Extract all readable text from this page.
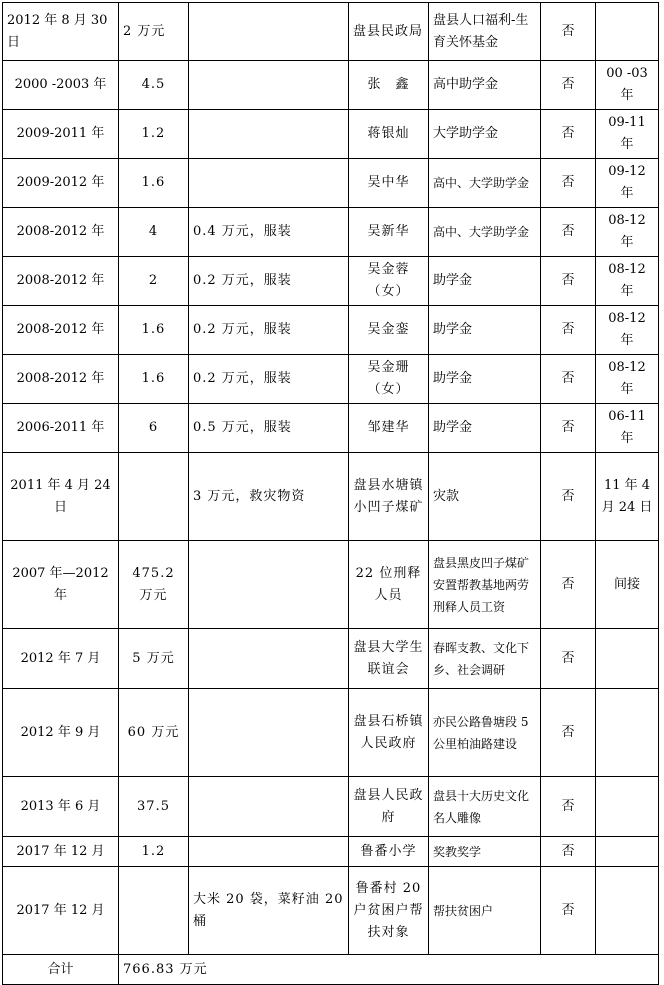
2012 年 8 月 30 日	2 万元		盘县民政局	盘县人口福利-生育关怀基金	否	
2000 -2003 年	4.5		张　鑫	高中助学金	否	00 -03 年
2009-2011 年	1.2		蒋银灿	大学助学金	否	09-11 年
2009-2012 年	1.6		吴中华	高中、大学助学金	否	09-12 年
2008-2012 年	4	0.4 万元，服装	吴新华	高中、大学助学金	否	08-12 年
2008-2012 年	2	0.2 万元，服装	吴金蓉（女）	助学金	否	08-12 年
2008-2012 年	1.6	0.2 万元，服装	吴金銮	助学金	否	08-12 年
2008-2012 年	1.6	0.2 万元，服装	吴金珊（女）	助学金	否	08-12 年
2006-2011 年	6	0.5 万元，服装	邹建华	助学金	否	06-11 年
2011 年 4 月 24 日		3 万元，救灾物资	盘县水塘镇小凹子煤矿	灾款	否	11 年 4 月 24 日
2007 年—2012 年	475.2 万元		22 位刑释人员	盘县黑皮凹子煤矿安置帮教基地两劳刑释人员工资	否	间接
2012 年 7 月	5 万元		盘县大学生联谊会	春晖支教、文化下乡、社会调研	否	
2012 年 9 月	60 万元		盘县石桥镇人民政府	亦民公路鲁塘段 5 公里柏油路建设	否	
2013 年 6 月	37.5		盘县人民政府	盘县十大历史文化名人雕像	否	
2017 年 12 月	1.2		鲁番小学	奖教奖学	否	
2017 年 12 月		大米 20 袋，菜籽油 20 桶	鲁番村 20 户贫困户帮扶对象	帮扶贫困户	否	
合计	766.83 万元					
